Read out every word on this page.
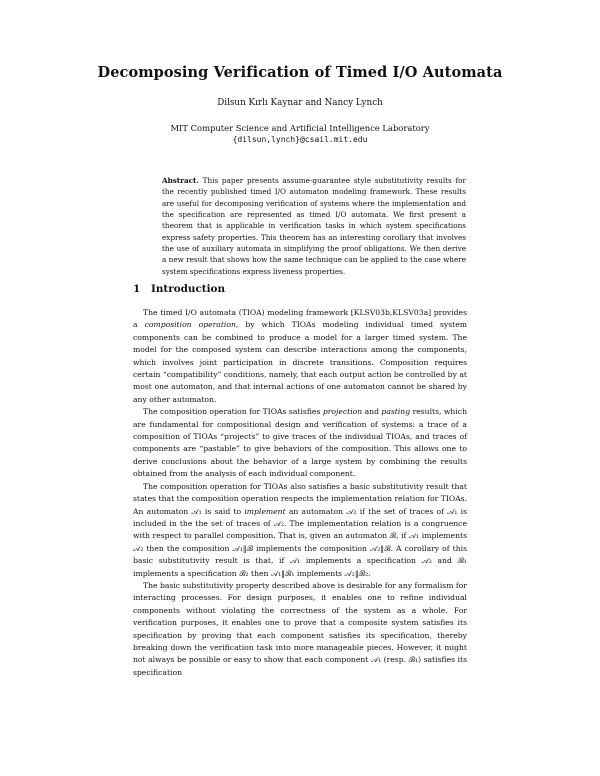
Decomposing Verification of Timed I/O Automata
Dilsun Kırlı Kaynar and Nancy Lynch
MIT Computer Science and Artificial Intelligence Laboratory
{dilsun,lynch}@csail.mit.edu
Abstract. This paper presents assume-guarantee style substitutivity results for the recently published timed I/O automaton modeling framework. These results are useful for decomposing verification of systems where the implementation and the specification are represented as timed I/O automata. We first present a theorem that is applicable in verification tasks in which system specifications express safety properties. This theorem has an interesting corollary that involves the use of auxiliary automata in simplifying the proof obligations. We then derive a new result that shows how the same technique can be applied to the case where system specifications express liveness properties.
1 Introduction

The timed I/O automata (TIOA) modeling framework [KLSV03b,KLSV03a] provides a composition operation, by which TIOAs modeling individual timed system components can be combined to produce a model for a larger timed system. The model for the composed system can describe interactions among the components, which involves joint participation in discrete transitions. Composition requires certain “compatibility” conditions, namely, that each output action be controlled by at most one automaton, and that internal actions of one automaton cannot be shared by any other automaton.

The composition operation for TIOAs satisfies projection and pasting results, which are fundamental for compositional design and verification of systems: a trace of a composition of TIOAs “projects” to give traces of the individual TIOAs, and traces of components are “pastable” to give behaviors of the composition. This allows one to derive conclusions about the behavior of a large system by combining the results obtained from the analysis of each individual component.

The composition operation for TIOAs also satisfies a basic substitutivity result that states that the composition operation respects the implementation relation for TIOAs. An automaton 𝒜₁ is said to implement an automaton 𝒜₂ if the set of traces of 𝒜₁ is included in the the set of traces of 𝒜₂. The implementation relation is a congruence with respect to parallel composition. That is, given an automaton ℬ, if 𝒜₁ implements 𝒜₂ then the composition 𝒜₁‖ℬ implements the composition 𝒜₂‖ℬ. A corollary of this basic substitutivity result is that, if 𝒜₁ implements a specification 𝒜₂ and ℬ₁ implements a specification ℬ₂ then 𝒜₁‖ℬ₁ implements 𝒜₂‖ℬ₂.

The basic substitutivity property described above is desirable for any formalism for interacting processes. For design purposes, it enables one to refine individual components without violating the correctness of the system as a whole. For verification purposes, it enables one to prove that a composite system satisfies its specification by proving that each component satisfies its specification, thereby breaking down the verification task into more manageable pieces. However, it might not always be possible or easy to show that each component 𝒜₁ (resp. ℬ₁) satisfies its specification
